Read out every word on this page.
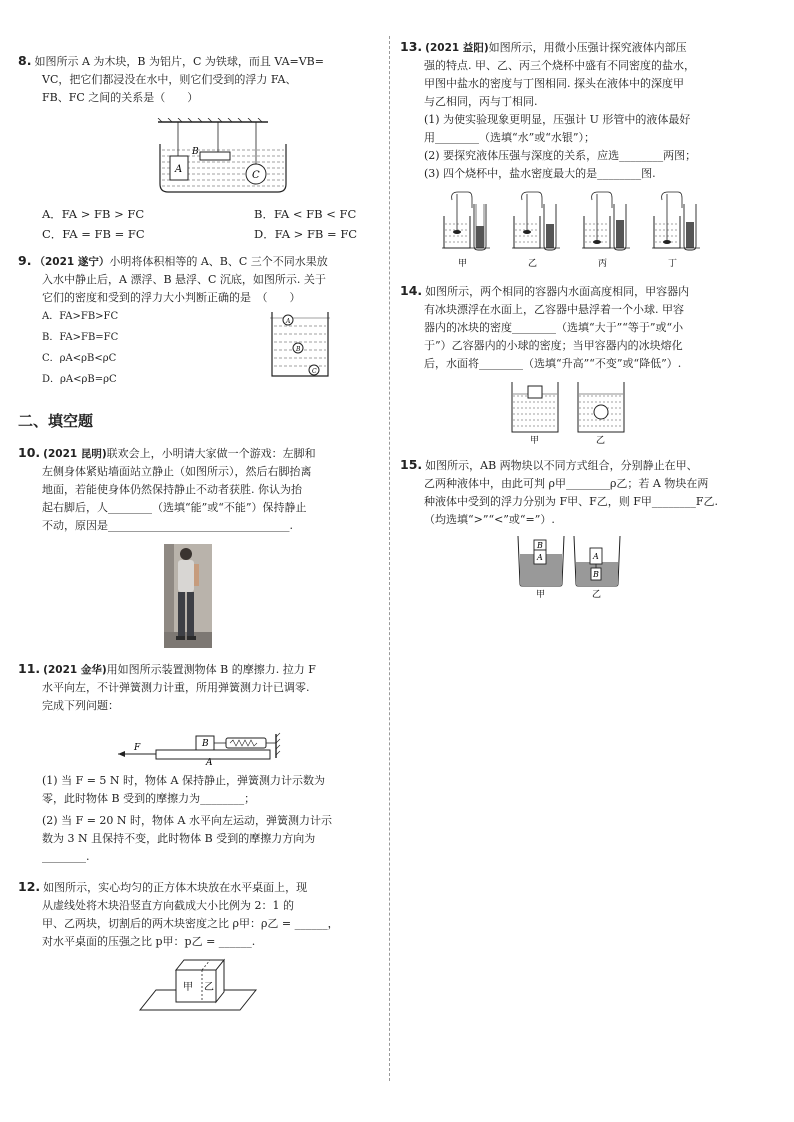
8. 如图所示 A 为木块，B 为铝片，C 为铁球，而且 VA=VB=

VC，把它们都浸没在水中，则它们受到的浮力 FA、

FB、FC 之间的关系是（　　）

A
B
C
A．FA > FB > FC	B．FA < FB < FC
C．FA = FB = FC	D．FA > FB = FC

9. （2021 遂宁）小明将体积相等的 A、B、C 三个不同水果放

入水中静止后，A 漂浮、B 悬浮、C 沉底，如图所示. 关于

它们的密度和受到的浮力大小判断正确的是　（　　）

A．FA>FB>FC
B．FA>FB=FC
C．ρA<ρB<ρC
D．ρA<ρB=ρC
A
B
C
二、填空题

10. (2021 昆明)联欢会上，小明请大家做一个游戏：左脚和

左侧身体紧贴墙面站立静止（如图所示），然后右脚抬离

地面，若能使身体仍然保持静止不动者获胜. 你认为抬

起右脚后，人________（选填“能”或“不能”）保持静止

不动，原因是_________________________________.

11. (2021 金华)用如图所示装置测物体 B 的摩擦力. 拉力 F

水平向左，不计弹簧测力计重，所用弹簧测力计已调零.

完成下列问题：

F	B
A

(1) 当 F = 5 N 时，物体 A 保持静止，弹簧测力计示数为

零，此时物体 B 受到的摩擦力为________；

(2) 当 F = 20 N 时，物体 A 水平向左运动，弹簧测力计示

数为 3 N 且保持不变，此时物体 B 受到的摩擦力方向为

________.

12. 如图所示，实心均匀的正方体木块放在水平桌面上，现

从虚线处将木块沿竖直方向截成大小比例为 2：1 的

甲、乙两块，切割后的两木块密度之比 ρ甲：ρ乙 = ______，

对水平桌面的压强之比 p甲：p乙 = ______.

甲 乙

13. (2021 益阳)如图所示，用微小压强计探究液体内部压

强的特点. 甲、乙、丙三个烧杯中盛有不同密度的盐水，

甲图中盐水的密度与丁图相同. 探头在液体中的深度甲

与乙相同，丙与丁相同.

(1) 为使实验现象更明显，压强计 U 形管中的液体最好

用________（选填“水”或“水银”）；

(2) 要探究液体压强与深度的关系，应选________两图；

(3) 四个烧杯中，盐水密度最大的是________图.

甲	乙	丙	丁

14. 如图所示，两个相同的容器内水面高度相同，甲容器内

有冰块漂浮在水面上，乙容器中悬浮着一个小球. 甲容

器内的冰块的密度________（选填“大于”“等于”或“小

于”）乙容器内的小球的密度；当甲容器内的冰块熔化

后，水面将________（选填“升高”“不变”或“降低”）.

甲	乙

15. 如图所示，AB 两物块以不同方式组合，分别静止在甲、

乙两种液体中，由此可判 ρ甲________ρ乙；若 A 物块在两

种液体中受到的浮力分别为 F甲、F乙，则 F甲________F乙.

（均选填“>”“<”或“=”）.

B
A	A
B
甲	乙
